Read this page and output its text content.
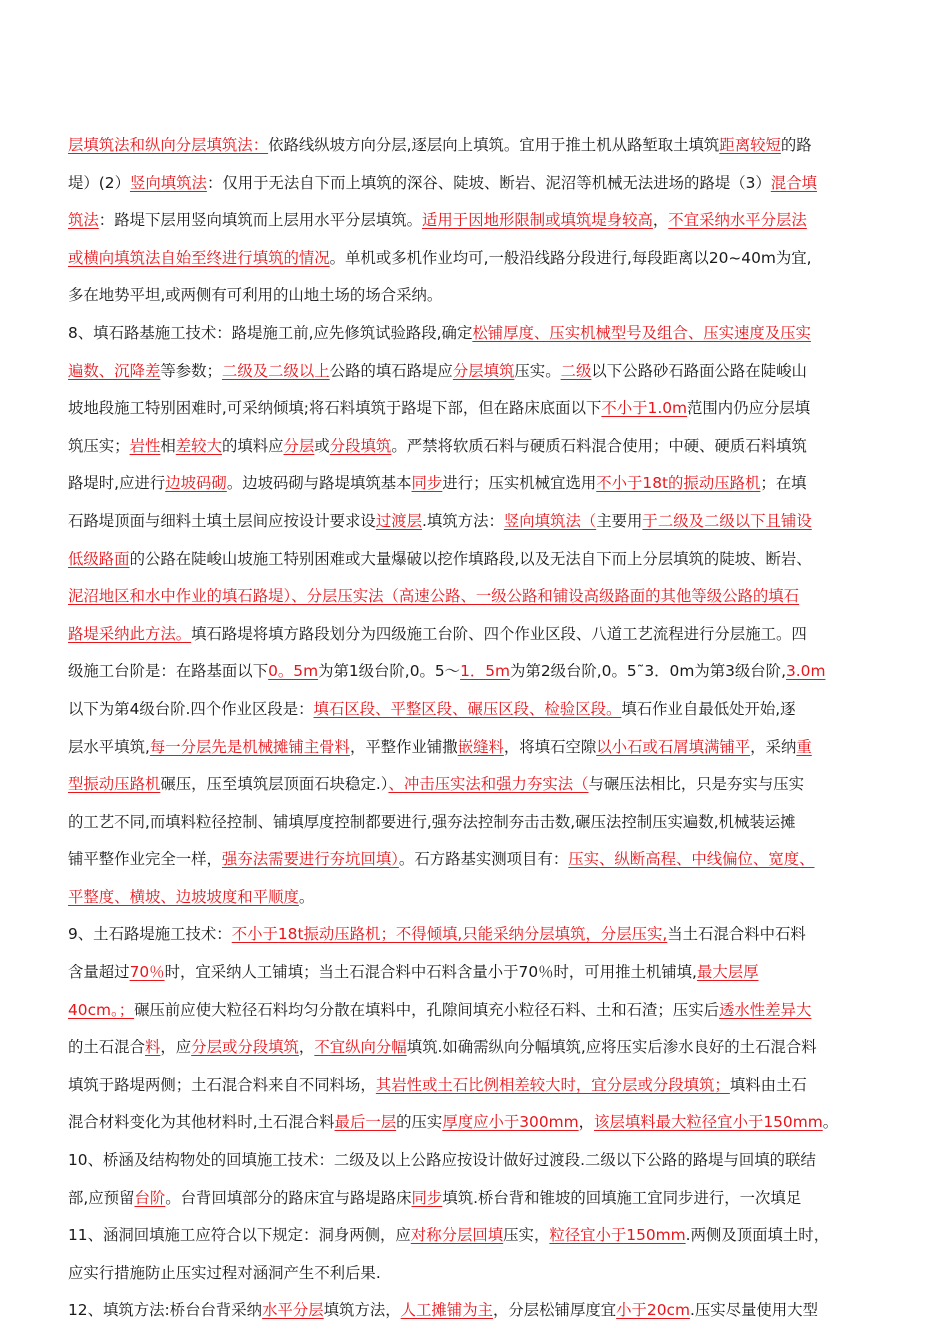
层填筑法和纵向分层填筑法：依路线纵坡方向分层,逐层向上填筑。宜用于推土机从路堑取土填筑距离较短的路
堤）(2）竖向填筑法：仅用于无法自下而上填筑的深谷、陡坡、断岩、泥沼等机械无法进场的路堤（3）混合填
筑法：路堤下层用竖向填筑而上层用水平分层填筑。适用于因地形限制或填筑堤身较高，不宜采纳水平分层法
或横向填筑法自始至终进行填筑的情况。单机或多机作业均可,一般沿线路分段进行,每段距离以20~40m为宜,
多在地势平坦,或两侧有可利用的山地土场的场合采纳。
8、填石路基施工技术：路堤施工前,应先修筑试验路段,确定松铺厚度、压实机械型号及组合、压实速度及压实
遍数、沉降差等参数；二级及二级以上公路的填石路堤应分层填筑压实。二级以下公路砂石路面公路在陡峻山
坡地段施工特别困难时,可采纳倾填;将石料填筑于路堤下部，但在路床底面以下不小于1.0m范围内仍应分层填
筑压实；岩性相差较大的填料应分层或分段填筑。严禁将软质石料与硬质石料混合使用；中硬、硬质石料填筑
路堤时,应进行边坡码砌。边坡码砌与路堤填筑基本同步进行；压实机械宜选用不小于18t的振动压路机；在填
石路堤顶面与细料土填土层间应按设计要求设过渡层.填筑方法：竖向填筑法（主要用于二级及二级以下且铺设
低级路面的公路在陡峻山坡施工特别困难或大量爆破以挖作填路段,以及无法自下而上分层填筑的陡坡、断岩、
泥沼地区和水中作业的填石路堤）、分层压实法（高速公路、一级公路和铺设高级路面的其他等级公路的填石
路堤采纳此方法。填石路堤将填方路段划分为四级施工台阶、四个作业区段、八道工艺流程进行分层施工。四
级施工台阶是：在路基面以下0。5m为第1级台阶,0。5～1．5m为第2级台阶,0。5˜3．0m为第3级台阶,3.0m
以下为第4级台阶.四个作业区段是：填石区段、平整区段、碾压区段、检验区段。填石作业自最低处开始,逐
层水平填筑,每一分层先是机械摊铺主骨料，平整作业铺撒嵌缝料，将填石空隙以小石或石屑填满铺平，采纳重
型振动压路机碾压，压至填筑层顶面石块稳定.）、冲击压实法和强力夯实法（与碾压法相比，只是夯实与压实
的工艺不同,而填料粒径控制、铺填厚度控制都要进行,强夯法控制夯击击数,碾压法控制压实遍数,机械装运摊
铺平整作业完全一样，强夯法需要进行夯坑回填）。石方路基实测项目有：压实、纵断高程、中线偏位、宽度、
平整度、横坡、边坡坡度和平顺度。
9、土石路堤施工技术：不小于18t振动压路机；不得倾填,只能采纳分层填筑，分层压实,当土石混合料中石料
含量超过70％时，宜采纳人工铺填；当土石混合料中石料含量小于70％时，可用推土机铺填,最大层厚
40cm。；碾压前应使大粒径石料均匀分散在填料中，孔隙间填充小粒径石料、土和石渣；压实后透水性差异大
的土石混合料，应分层或分段填筑，不宜纵向分幅填筑.如确需纵向分幅填筑,应将压实后渗水良好的土石混合料
填筑于路堤两侧；土石混合料来自不同料场，其岩性或土石比例相差较大时，宜分层或分段填筑；填料由土石
混合材料变化为其他材料时,土石混合料最后一层的压实厚度应小于300mm，该层填料最大粒径宜小于150mm。
10、桥涵及结构物处的回填施工技术：二级及以上公路应按设计做好过渡段.二级以下公路的路堤与回填的联结
部,应预留台阶。台背回填部分的路床宜与路堤路床同步填筑.桥台背和锥坡的回填施工宜同步进行，一次填足
11、涵洞回填施工应符合以下规定：洞身两侧，应对称分层回填压实，粒径宜小于150mm.两侧及顶面填土时，
应实行措施防止压实过程对涵洞产生不利后果.
12、填筑方法:桥台台背采纳水平分层填筑方法，人工摊铺为主，分层松铺厚度宜小于20cm.压实尽量使用大型
